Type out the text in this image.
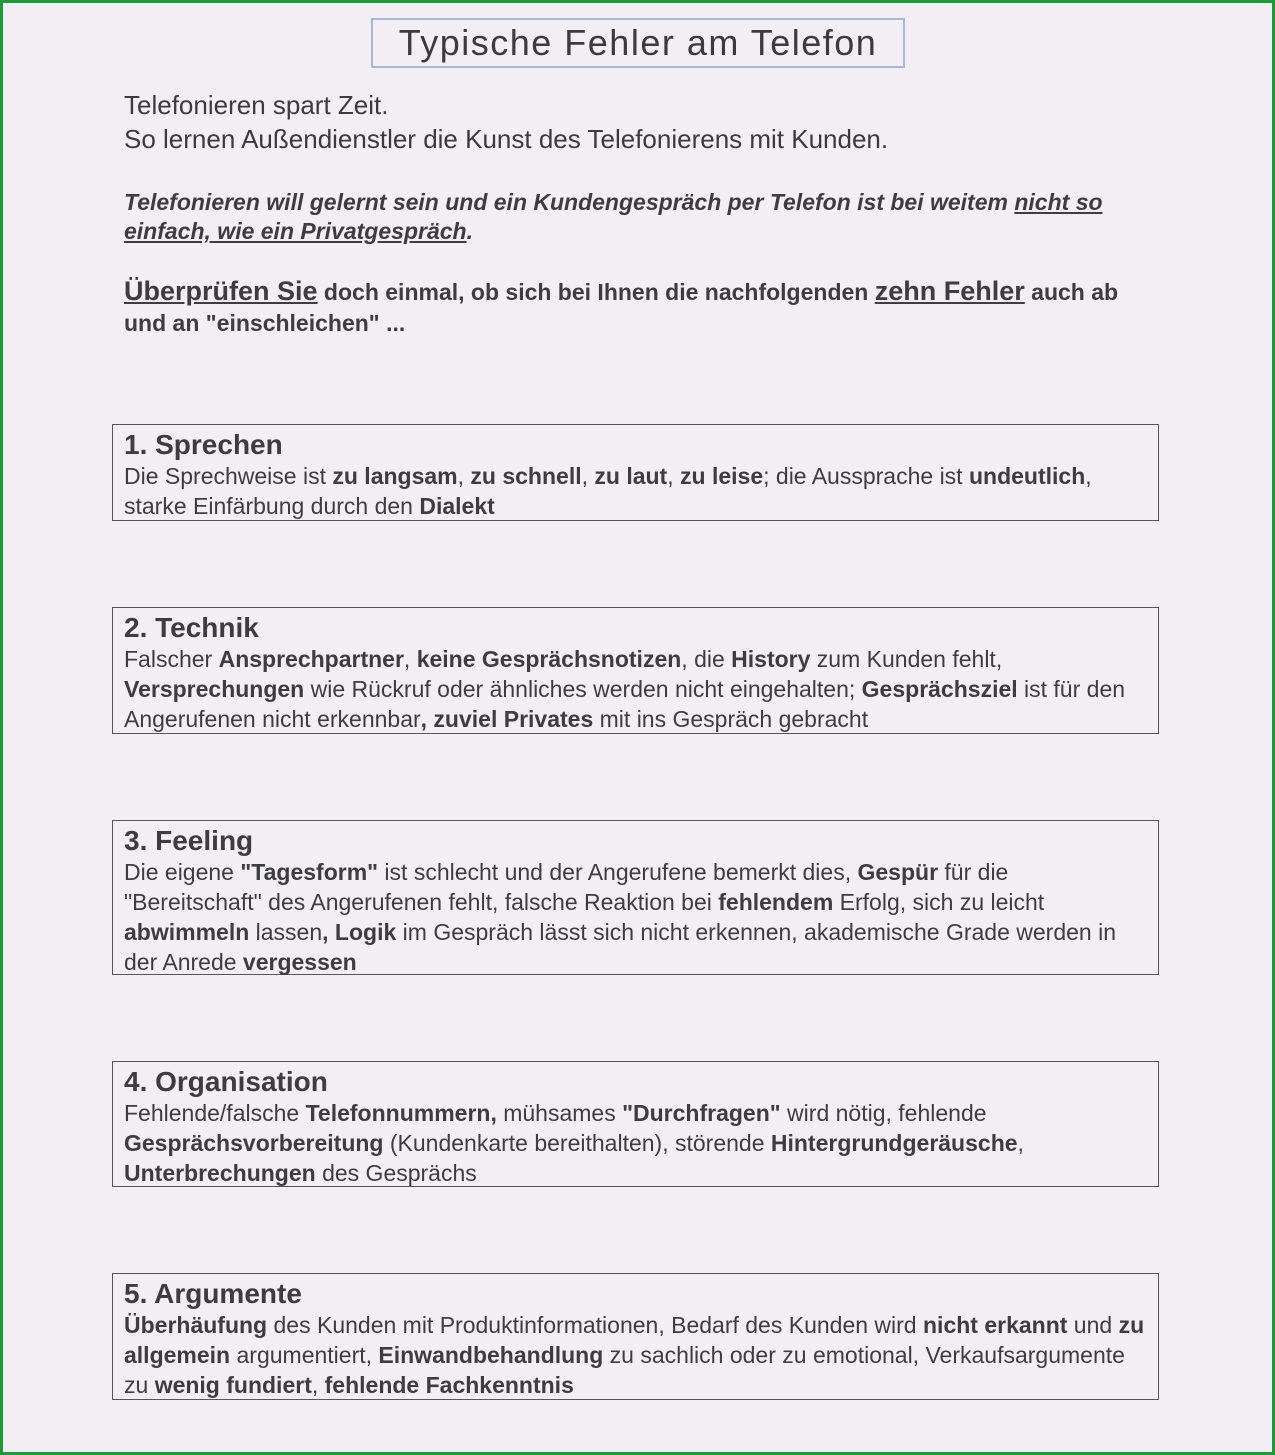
Typische Fehler am Telefon
Telefonieren spart Zeit.
So lernen Außendienstler die Kunst des Telefonierens mit Kunden.
Telefonieren will gelernt sein und ein Kundengespräch per Telefon ist bei weitem nicht so einfach, wie ein Privatgespräch.
Überprüfen Sie doch einmal, ob sich bei Ihnen die nachfolgenden zehn Fehler auch ab und an "einschleichen" ...
1. Sprechen
Die Sprechweise ist zu langsam, zu schnell, zu laut, zu leise; die Aussprache ist undeutlich, starke Einfärbung durch den Dialekt
2. Technik
Falscher Ansprechpartner, keine Gesprächsnotizen, die History zum Kunden fehlt, Versprechungen wie Rückruf oder ähnliches werden nicht eingehalten; Gesprächsziel ist für den Angerufenen nicht erkennbar, zuviel Privates mit ins Gespräch gebracht
3. Feeling
Die eigene "Tagesform" ist schlecht und der Angerufene bemerkt dies, Gespür für die "Bereitschaft" des Angerufenen fehlt, falsche Reaktion bei fehlendem Erfolg, sich zu leicht abwimmeln lassen, Logik im Gespräch lässt sich nicht erkennen, akademische Grade werden in der Anrede vergessen
4. Organisation
Fehlende/falsche Telefonnummern, mühsames "Durchfragen" wird nötig, fehlende Gesprächsvorbereitung (Kundenkarte bereithalten), störende Hintergrundgeräusche, Unterbrechungen des Gesprächs
5. Argumente
Überhäufung des Kunden mit Produktinformationen, Bedarf des Kunden wird nicht erkannt und zu allgemein argumentiert, Einwandbehandlung zu sachlich oder zu emotional, Verkaufsargumente zu wenig fundiert, fehlende Fachkenntnis
